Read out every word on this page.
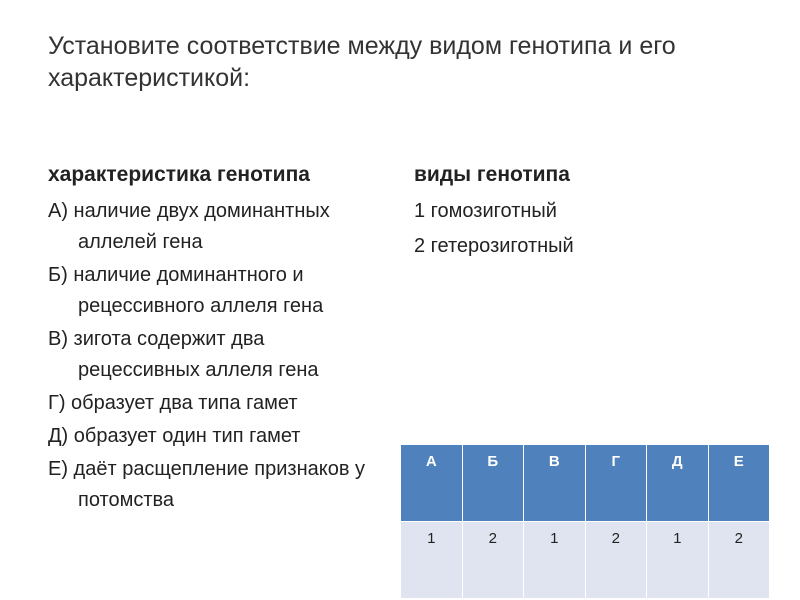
Установите соответствие между видом генотипа и его характеристикой:
характеристика генотипа	виды генотипа
А) наличие двух доминантных аллелей гена
Б) наличие доминантного и рецессивного аллеля гена
В) зигота содержит два рецессивных аллеля гена
Г) образует два типа гамет
Д) образует один тип гамет
Е) даёт расщепление признаков у потомства
1 гомозиготный
2 гетерозиготный
А	Б	В	Г	Д	Е
1	2	1	2	1	2
